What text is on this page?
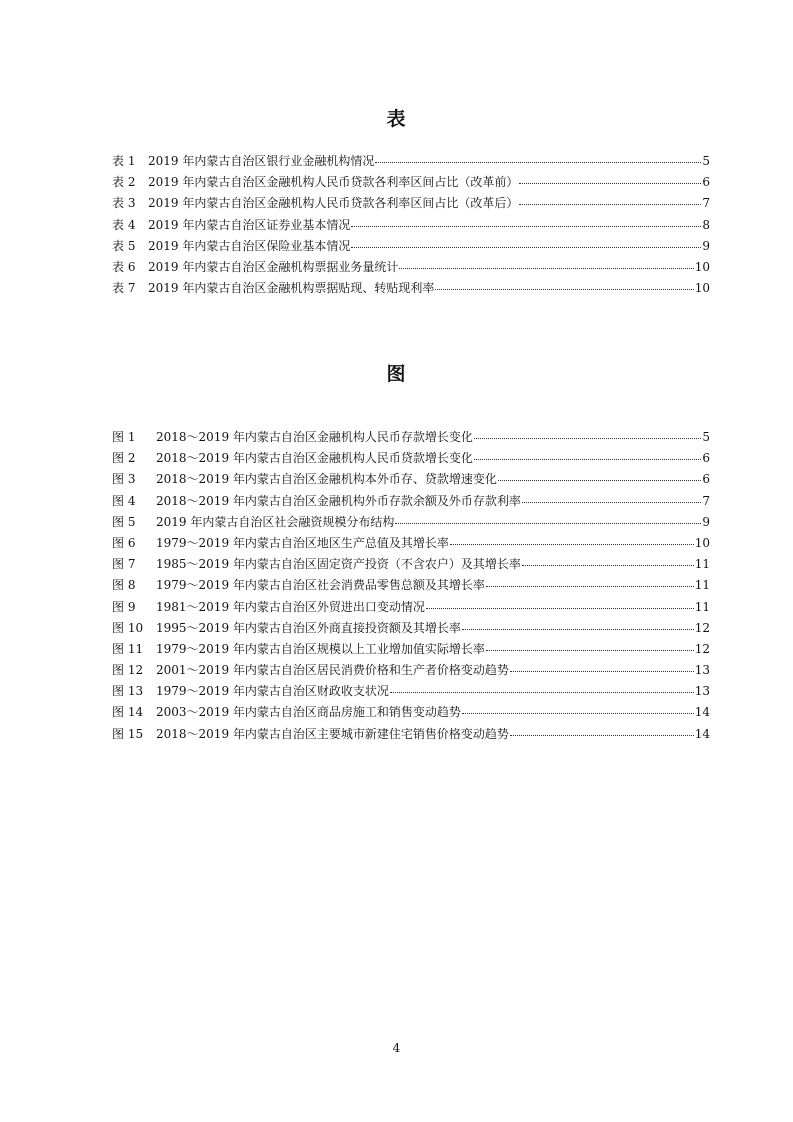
表
表 1	2019 年内蒙古自治区银行业金融机构情况	5
表 2	2019 年内蒙古自治区金融机构人民币贷款各利率区间占比（改革前）	6
表 3	2019 年内蒙古自治区金融机构人民币贷款各利率区间占比（改革后）	7
表 4	2019 年内蒙古自治区证券业基本情况	8
表 5	2019 年内蒙古自治区保险业基本情况	9
表 6	2019 年内蒙古自治区金融机构票据业务量统计	10
表 7	2019 年内蒙古自治区金融机构票据贴现、转贴现利率	10
图
图 1	2018～2019 年内蒙古自治区金融机构人民币存款增长变化	5
图 2	2018～2019 年内蒙古自治区金融机构人民币贷款增长变化	6
图 3	2018～2019 年内蒙古自治区金融机构本外币存、贷款增速变化	6
图 4	2018～2019 年内蒙古自治区金融机构外币存款余额及外币存款利率	7
图 5	2019 年内蒙古自治区社会融资规模分布结构	9
图 6	1979～2019 年内蒙古自治区地区生产总值及其增长率	10
图 7	1985～2019 年内蒙古自治区固定资产投资（不含农户）及其增长率	11
图 8	1979～2019 年内蒙古自治区社会消费品零售总额及其增长率	11
图 9	1981～2019 年内蒙古自治区外贸进出口变动情况	11
图 10	1995～2019 年内蒙古自治区外商直接投资额及其增长率	12
图 11	1979～2019 年内蒙古自治区规模以上工业增加值实际增长率	12
图 12	2001～2019 年内蒙古自治区居民消费价格和生产者价格变动趋势	13
图 13	1979～2019 年内蒙古自治区财政收支状况	13
图 14	2003～2019 年内蒙古自治区商品房施工和销售变动趋势	14
图 15	2018～2019 年内蒙古自治区主要城市新建住宅销售价格变动趋势	14
4
